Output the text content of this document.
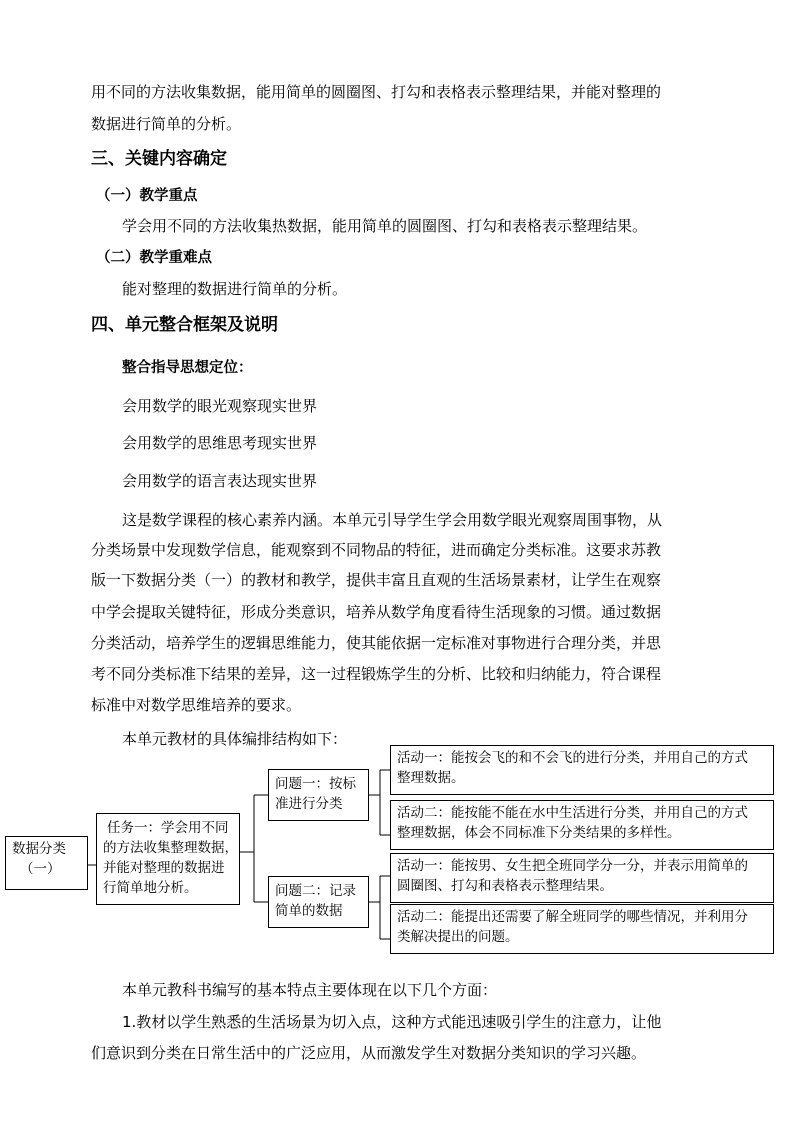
用不同的方法收集数据，能用简单的圆圈图、打勾和表格表示整理结果，并能对整理的
数据进行简单的分析。
三、关键内容确定
（一）教学重点
学会用不同的方法收集热数据，能用简单的圆圈图、打勾和表格表示整理结果。
（二）教学重难点
能对整理的数据进行简单的分析。
四、单元整合框架及说明
整合指导思想定位：
会用数学的眼光观察现实世界
会用数学的思维思考现实世界
会用数学的语言表达现实世界
这是数学课程的核心素养内涵。本单元引导学生学会用数学眼光观察周围事物，从
分类场景中发现数学信息，能观察到不同物品的特征，进而确定分类标准。这要求苏教
版一下数据分类（一）的教材和教学，提供丰富且直观的生活场景素材，让学生在观察
中学会提取关键特征，形成分类意识，培养从数学角度看待生活现象的习惯。通过数据
分类活动，培养学生的逻辑思维能力，使其能依据一定标准对事物进行合理分类，并思
考不同分类标准下结果的差异，这一过程锻炼学生的分析、比较和归纳能力，符合课程
标准中对数学思维培养的要求。
本单元教材的具体编排结构如下：
数据分类
（一）
任务一：学会用不同
的方法收集整理数据，
并能对整理的数据进
行简单地分析。
问题一：按标
准进行分类
问题二：记录
简单的数据
活动一：能按会飞的和不会飞的进行分类，并用自己的方式
整理数据。
活动二：能按能不能在水中生活进行分类，并用自己的方式
整理数据，体会不同标准下分类结果的多样性。
活动一：能按男、女生把全班同学分一分，并表示用简单的
圆圈图、打勾和表格表示整理结果。
活动二：能提出还需要了解全班同学的哪些情况，并利用分
类解决提出的问题。
本单元教科书编写的基本特点主要体现在以下几个方面：
1.教材以学生熟悉的生活场景为切入点，这种方式能迅速吸引学生的注意力，让他
们意识到分类在日常生活中的广泛应用，从而激发学生对数据分类知识的学习兴趣。
